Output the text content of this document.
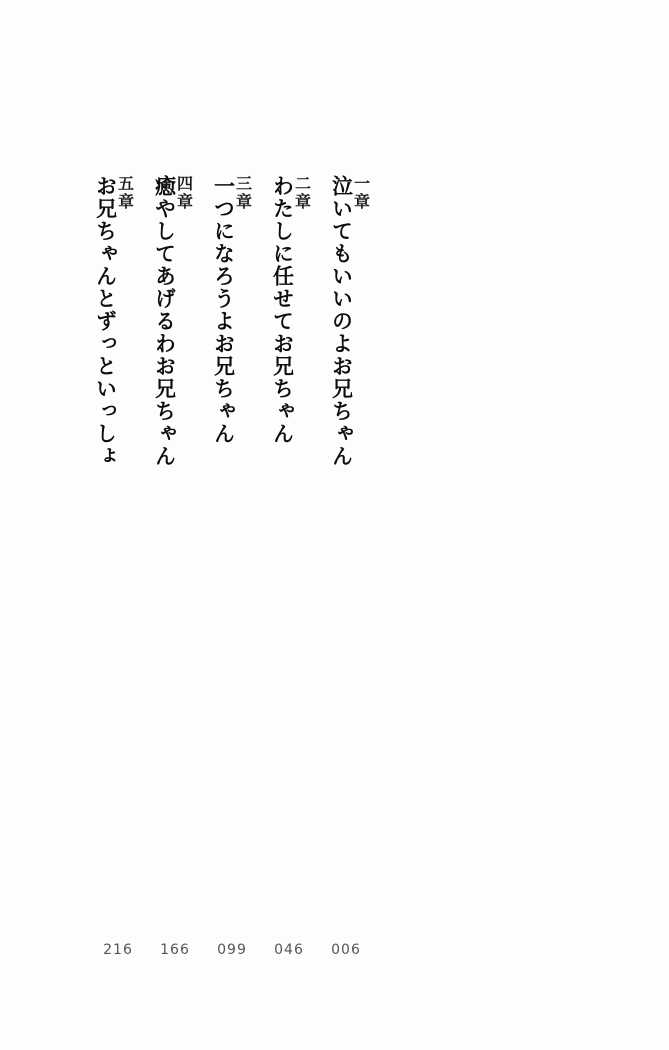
一章
泣いてもいいのよお兄ちゃん
二章
わたしに任せてお兄ちゃん
三章
一つになろうよお兄ちゃん
四章
癒やしてあげるわお兄ちゃん
五章
お兄ちゃんとずっといっしょ
006
046
099
166
216
